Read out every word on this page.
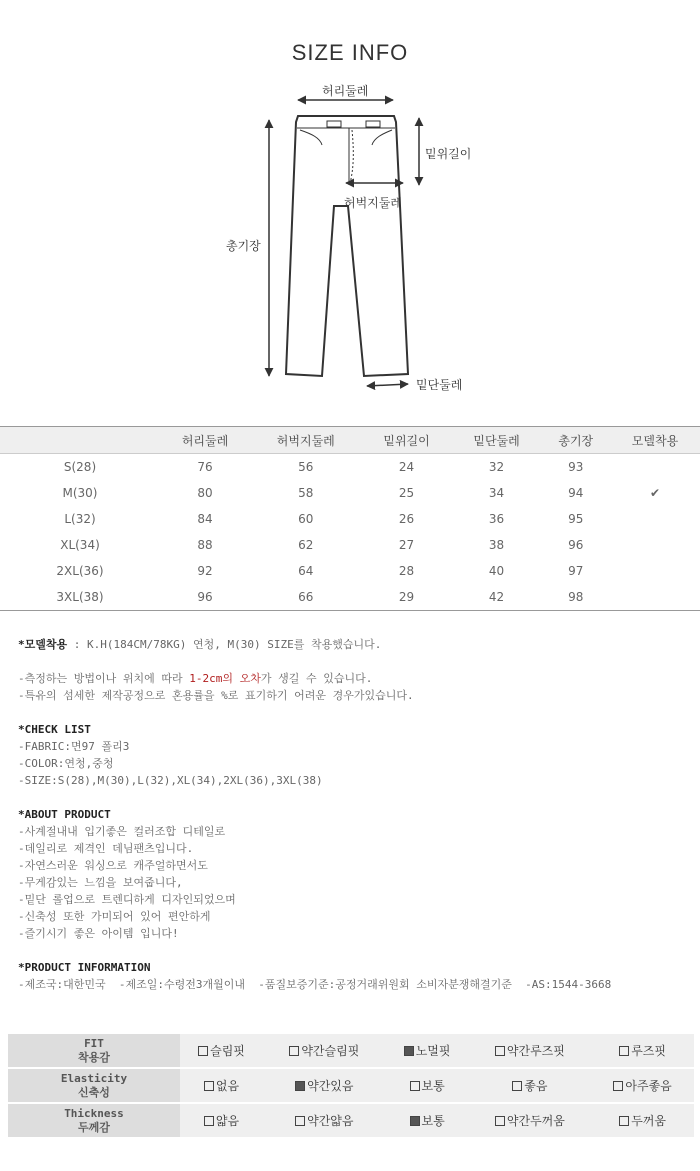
SIZE INFO
허리둘레
밑위길이
허벅지둘레
총기장
밑단둘레
	허리둘레	허벅지둘레	밑위길이	밑단둘레	총기장	모델착용
S(28)	76	56	24	32	93	
M(30)	80	58	25	34	94	✔
L(32)	84	60	26	36	95	
XL(34)	88	62	27	38	96	
2XL(36)	92	64	28	40	97	
3XL(38)	96	66	29	42	98	
*모델착용 : K.H(184CM/78KG) 연청, M(30) SIZE를 착용했습니다.
-측정하는 방법이나 위치에 따라 1-2cm의 오차가 생길 수 있습니다.
-특유의 섬세한 제작공정으로 혼용률을 %로 표기하기 어려운 경우가있습니다.
*CHECK LIST
-FABRIC:면97 폴리3
-COLOR:연청,중청
-SIZE:S(28),M(30),L(32),XL(34),2XL(36),3XL(38)
*ABOUT PRODUCT
-사계절내내 입기좋은 컬러조합 디테일로
-데일리로 제격인 데님팬츠입니다.
-자연스러운 워싱으로 캐주얼하면서도
-무게감있는 느낌을 보여줍니다,
-밑단 롤업으로 트렌디하게 디자인되었으며
-신축성 또한 가미되어 있어 편안하게
-즐기시기 좋은 아이템 입니다!
*PRODUCT INFORMATION
-제조국:대한민국  -제조일:수령전3개월이내  -품질보증기준:공정거래위원회 소비자분쟁해결기준  -AS:1544-3668
FIT
착용감	슬림핏	약간슬림핏	노멀핏	약간루즈핏	루즈핏

Elasticity
신축성	없음	약간있음	보통	좋음	아주좋음

Thickness
두께감	얇음	약간얇음	보통	약간두꺼움	두꺼움
